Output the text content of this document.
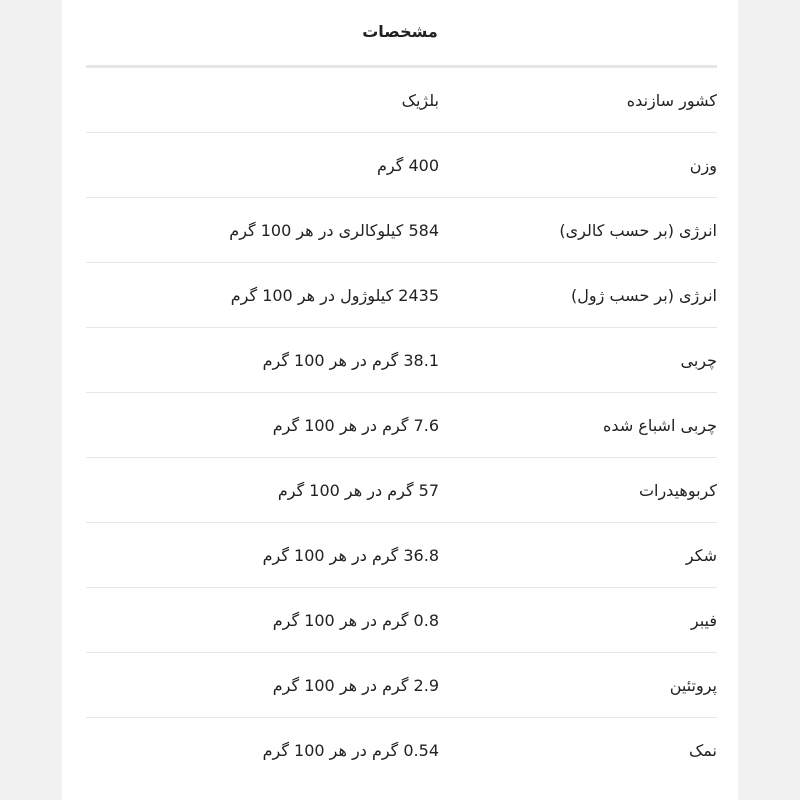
مشخصات
کشور سازنده
بلژیک
وزن
400 گرم
انرژی (بر حسب کالری)
584 کیلوکالری در هر 100 گرم
انرژی (بر حسب ژول)
2435 کیلوژول در هر 100 گرم
چربی
38.1 گرم در هر 100 گرم
چربی اشباع شده
7.6 گرم در هر 100 گرم
کربوهیدرات
57 گرم در هر 100 گرم
شکر
36.8 گرم در هر 100 گرم
فیبر
0.8 گرم در هر 100 گرم
پروتئین
2.9 گرم در هر 100 گرم
نمک
0.54 گرم در هر 100 گرم
